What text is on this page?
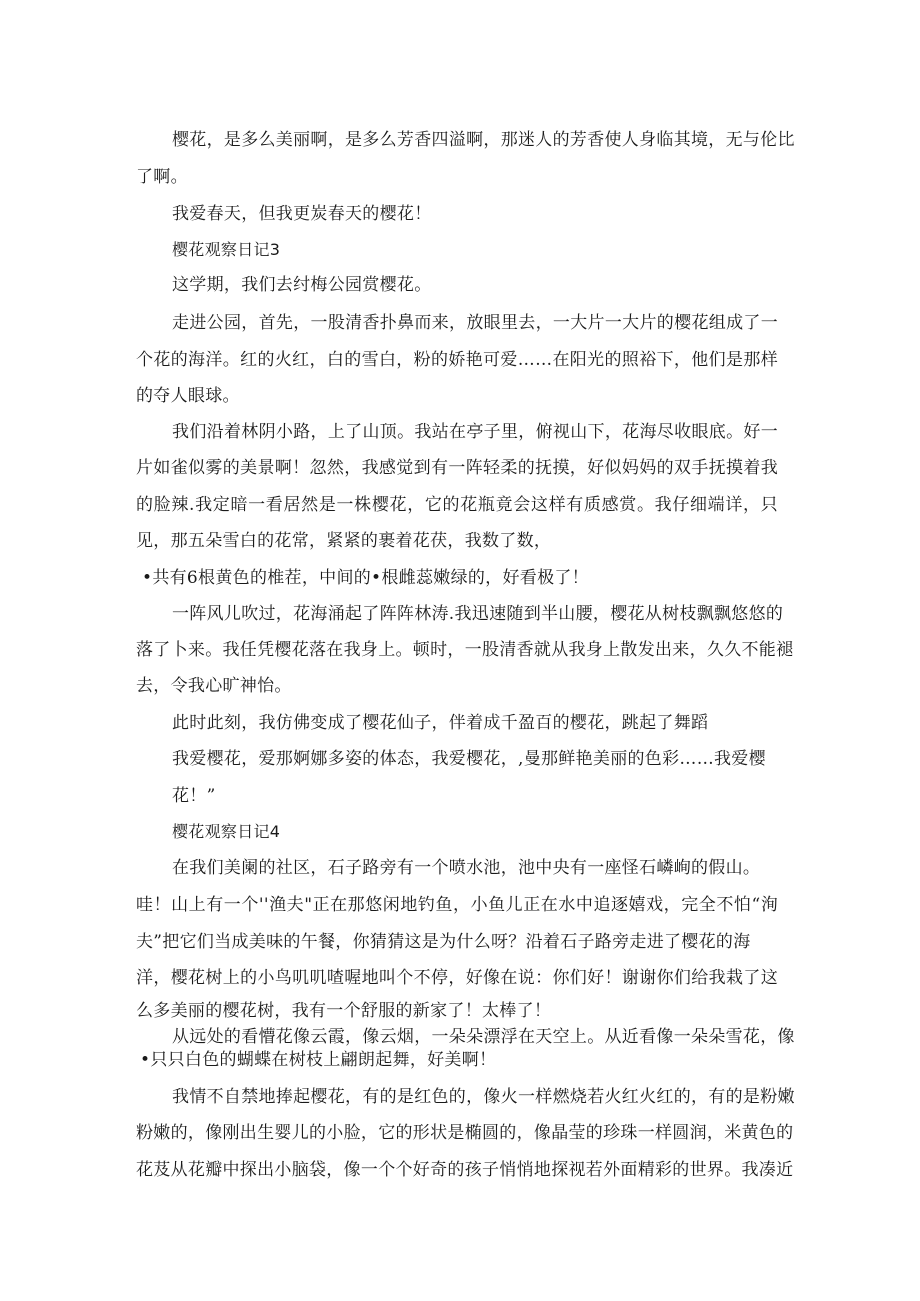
樱花，是多么美丽啊，是多么芳香四溢啊，那迷人的芳香使人身临其境，无与伦比
了啊。
我爱春天，但我更炭春天的樱花！
樱花观察日记3
这学期，我们去纣梅公园赏樱花。
走进公园，首先，一股清香扑鼻而来，放眼里去，一大片一大片的樱花组成了一
个花的海洋。红的火红，白的雪白，粉的娇艳可爱……在阳光的照裕下，他们是那样
的夺人眼球。
我们沿着林阴小路，上了山顶。我站在亭子里，俯视山下，花海尽收眼底。好一
片如雀似雾的美景啊！忽然，我感觉到有一阵轻柔的抚摸，好似妈妈的双手抚摸着我
的脸辣.我定暗一看居然是一株樱花，它的花瓶竟会这样有质感赏。我仔细端详，只
见，那五朵雪白的花常，紧紧的裹着花茯，我数了数，
•共有6根黄色的椎茬，中间的•根雌蕊嫩绿的，好看极了！
一阵风儿吹过，花海涌起了阵阵林涛.我迅速随到半山腰，樱花从树枝飘飘悠悠的
落了卜来。我任凭樱花落在我身上。顿时，一股清香就从我身上散发出来，久久不能褪
去，令我心旷神怡。
此时此刻，我仿佛变成了樱花仙子，伴着成千盈百的樱花，跳起了舞蹈
我爱樱花，爱那婀娜多姿的体态，我爱樱花，,曼那鲜艳美丽的色彩……我爱樱
花！”
樱花观察日记4
在我们美阑的社区，石子路旁有一个喷水池，池中央有一座怪石嶙峋的假山。
哇！山上有一个''渔夫"正在那悠闲地钓鱼，小鱼儿正在水中追逐嬉戏，完全不怕“洵
夫”把它们当成美味的午餐，你猜猜这是为什么呀？沿着石子路旁走进了樱花的海
洋，樱花树上的小鸟叽叽喳喔地叫个不停，好像在说：你们好！谢谢你们给我栽了这
么多美丽的樱花树，我有一个舒服的新家了！太棒了！
从远处的看懵花像云霞，像云烟，一朵朵漂浮在天空上。从近看像一朵朵雪花，像
•只只白色的蝴蝶在树枝上翩朗起舞，好美啊！
我情不自禁地捧起樱花，有的是红色的，像火一样燃烧若火红火红的，有的是粉嫩
粉嫩的，像刚出生婴儿的小脸，它的形状是椭圆的，像晶莹的珍珠一样圆润，米黄色的
花芨从花瓣中探出小脑袋，像一个个好奇的孩子悄悄地探视若外面精彩的世界。我凑近
